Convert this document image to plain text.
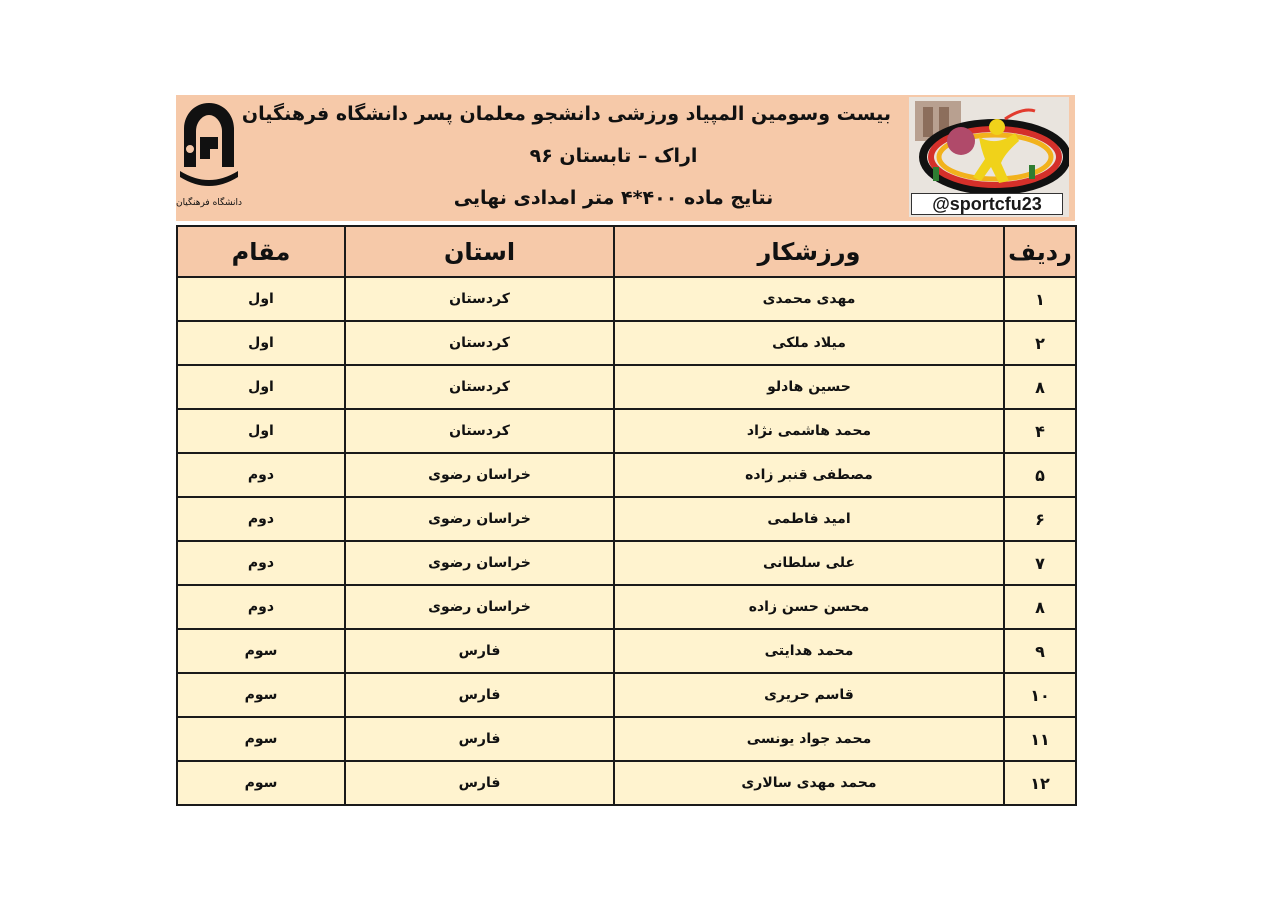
دانشگاه فرهنگیان
بیست وسومین المپیاد ورزشی دانشجو معلمان پسر دانشگاه فرهنگیان
اراک – تابستان ۹۶
نتایج ماده ۴۰۰*۴ متر امدادی نهایی	@sportcfu23
ردیف	ورزشکار	استان	مقام
۱	مهدی محمدی	کردستان	اول
۲	میلاد ملکی	کردستان	اول
۸	حسین هادلو	کردستان	اول
۴	محمد هاشمی نژاد	کردستان	اول
۵	مصطفی قنبر زاده	خراسان رضوی	دوم
۶	امید فاطمی	خراسان رضوی	دوم
۷	علی سلطانی	خراسان رضوی	دوم
۸	محسن حسن زاده	خراسان رضوی	دوم
۹	محمد هدایتی	فارس	سوم
۱۰	قاسم حریری	فارس	سوم
۱۱	محمد جواد یونسی	فارس	سوم
۱۲	محمد مهدی سالاری	فارس	سوم
